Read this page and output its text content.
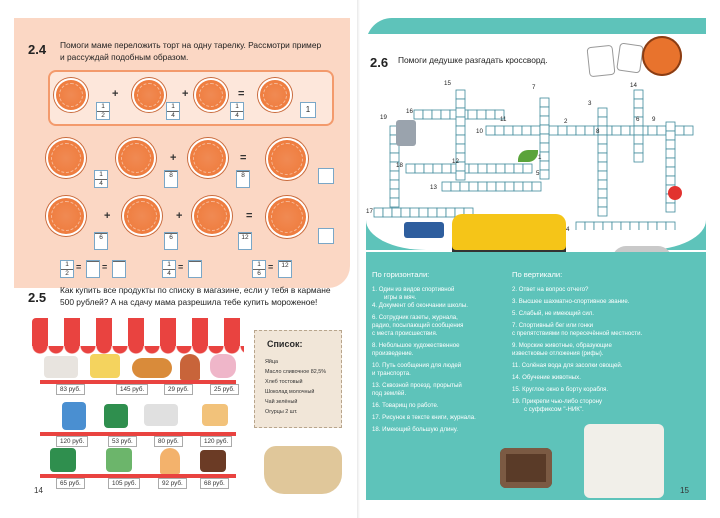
2.4 Помоги маме переложить торт на одну тарелку. Рассмотри пример
и рассуждай подобным образом.
$\frac{1}{2}$
+
$\frac{1}{4}$
+
$\frac{1}{4}$
=
1
$\frac{1}{4}$
+
8
=
8
6
+
6
+
12
=
$\frac{1}{2}$ = =	$\frac{1}{4}$ =	$\frac{1}{6}$ =	12
2.5 Как купить все продукты по списку в магазине, если у тебя в кармане
500 рублей? А на сдачу мама разрешила тебе купить мороженое!
83 руб.	145 руб.	29 руб.	25 руб.
120 руб.	53 руб.	80 руб.	120 руб.
65 руб.	105 руб.	92 руб.	68 руб.
Список:
Яйца
Масло сливочное 82,5%
Хлеб тостовый
Шоколад молочный
Чай зелёный
Огурцы 2 шт.
14
2.6 Помоги дедушке разгадать кроссворд.
15
7	14
16
11
3
2
19
10	8
6 9
1
5
18
12
13
17
4
По горизонтали:
1. Один из видов спортивной
игры в мяч.
4. Документ об окончании школы.
6. Сотрудник газеты, журнала,
радио, посылающий сообщения
с места происшествия.
8. Небольшое художественное
произведение.
10. Путь сообщения для людей
и транспорта.
13. Сквозной проезд, прорытый
под землёй.
16. Товарищ по работе.
17. Рисунок в тексте книги, журнала.
18. Имеющий большую длину.
По вертикали:
2. Ответ на вопрос отчего?
3. Высшее шахматно-спортивное звание.
5. Слабый, не имеющий сил.
7. Спортивный бег или гонки
с препятствиями по пересечённой местности.
9. Морские животные, образующие
известковые отложения (рифы).
11. Солёная вода для засолки овощей.
14. Обучение животных.
15. Круглое окно в борту корабля.
19. Прикрепи чью-либо сторону
с суффиксом "-НИК".
15
